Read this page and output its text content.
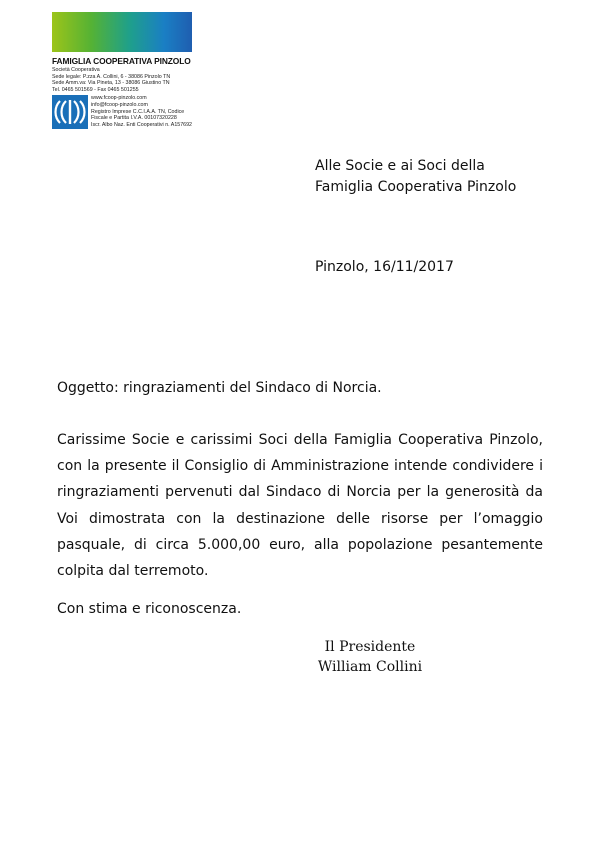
FAMIGLIA COOPERATIVA PINZOLO
Società Cooperativa
Sede legale: P.zza A. Collini, 6 - 38086 Pinzolo TN
Sede Amm.va: Via Pineta, 13 - 38086 Giustino TN
Tel. 0465 501569 - Fax 0465 501255
www.fcoop-pinzolo.com
info@fcoop-pinzolo.com
Registro Imprese C.C.I.A.A. TN, Codice
Fiscale e Partita I.V.A. 00107320228
Iscr. Albo Naz. Enti Cooperativi n. A157692
Alle Socie e ai Soci della
Famiglia Cooperativa Pinzolo
Pinzolo, 16/11/2017
Oggetto: ringraziamenti del Sindaco di Norcia.
Carissime Socie e carissimi Soci della Famiglia Cooperativa Pinzolo,
con la presente il Consiglio di Amministrazione intende condividere i
ringraziamenti pervenuti dal Sindaco di Norcia per la generosità da
Voi dimostrata con la destinazione delle risorse per l’omaggio
pasquale, di circa 5.000,00 euro, alla popolazione pesantemente
colpita dal terremoto.
Con stima e riconoscenza.
Il Presidente
William Collini
